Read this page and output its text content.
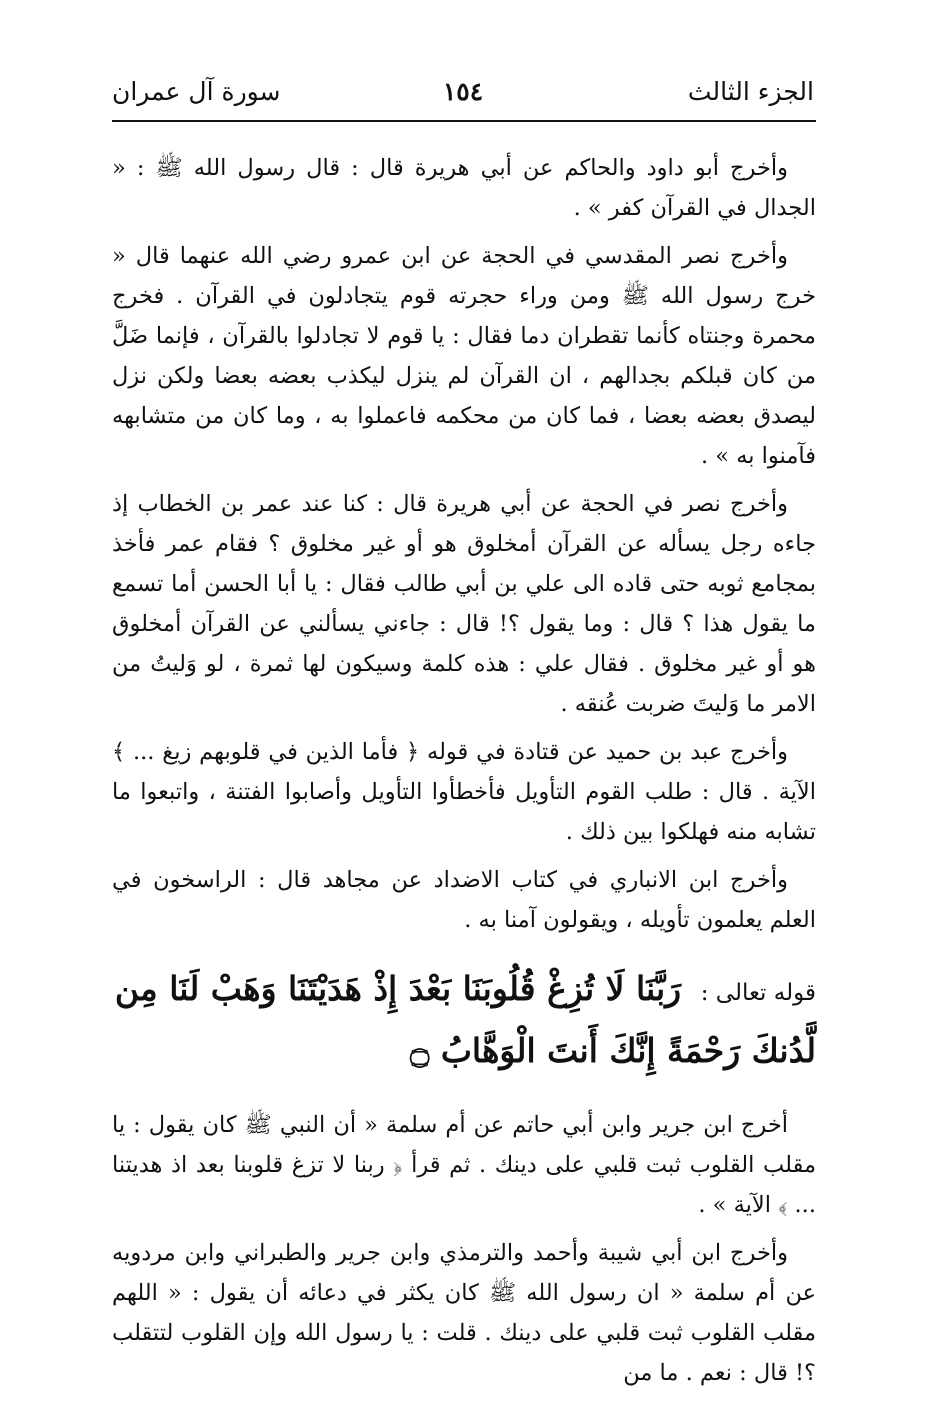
الجزء الثالث
١٥٤
سورة آل عمران

وأخرج أبو داود والحاكم عن أبي هريرة قال : قال رسول الله ﷺ : « الجدال في القرآن كفر » .

وأخرج نصر المقدسي في الحجة عن ابن عمرو رضي الله عنهما قال « خرج رسول الله ﷺ ومن وراء حجرته قوم يتجادلون في القرآن . فخرج محمرة وجنتاه كأنما تقطران دما فقال : يا قوم لا تجادلوا بالقرآن ، فإنما ضَلَّ من كان قبلكم بجدالهم ، ان القرآن لم ينزل ليكذب بعضه بعضا ولكن نزل ليصدق بعضه بعضا ، فما كان من محكمه فاعملوا به ، وما كان من متشابهه فآمنوا به » .

وأخرج نصر في الحجة عن أبي هريرة قال : كنا عند عمر بن الخطاب إذ جاءه رجل يسأله عن القرآن أمخلوق هو أو غير مخلوق ؟ فقام عمر فأخذ بمجامع ثوبه حتى قاده الى علي بن أبي طالب فقال : يا أبا الحسن أما تسمع ما يقول هذا ؟ قال : وما يقول ؟! قال : جاءني يسألني عن القرآن أمخلوق هو أو غير مخلوق . فقال علي : هذه كلمة وسيكون لها ثمرة ، لو وَليتُ من الامر ما وَليتَ ضربت عُنقه .

وأخرج عبد بن حميد عن قتادة في قوله ﴿ فأما الذين في قلوبهم زيغ ... ﴾ الآية . قال : طلب القوم التأويل فأخطأوا التأويل وأصابوا الفتنة ، واتبعوا ما تشابه منه فهلكوا بين ذلك .

وأخرج ابن الانباري في كتاب الاضداد عن مجاهد قال : الراسخون في العلم يعلمون تأويله ، ويقولون آمنا به .

قوله تعالى : رَبَّنَا لَا تُزِغْ قُلُوبَنَا بَعْدَ إِذْ هَدَيْتَنَا وَهَبْ لَنَا مِن لَّدُنكَ رَحْمَةً إِنَّكَ أَنتَ الْوَهَّابُ ۝

أخرج ابن جرير وابن أبي حاتم عن أم سلمة « أن النبي ﷺ كان يقول : يا مقلب القلوب ثبت قلبي على دينك . ثم قرأ ﴿ ربنا لا تزغ قلوبنا بعد اذ هديتنا ... ﴾ الآية » .

وأخرج ابن أبي شيبة وأحمد والترمذي وابن جرير والطبراني وابن مردويه عن أم سلمة « ان رسول الله ﷺ كان يكثر في دعائه أن يقول : « اللهم مقلب القلوب ثبت قلبي على دينك . قلت : يا رسول الله وإن القلوب لتتقلب ؟! قال : نعم . ما من
